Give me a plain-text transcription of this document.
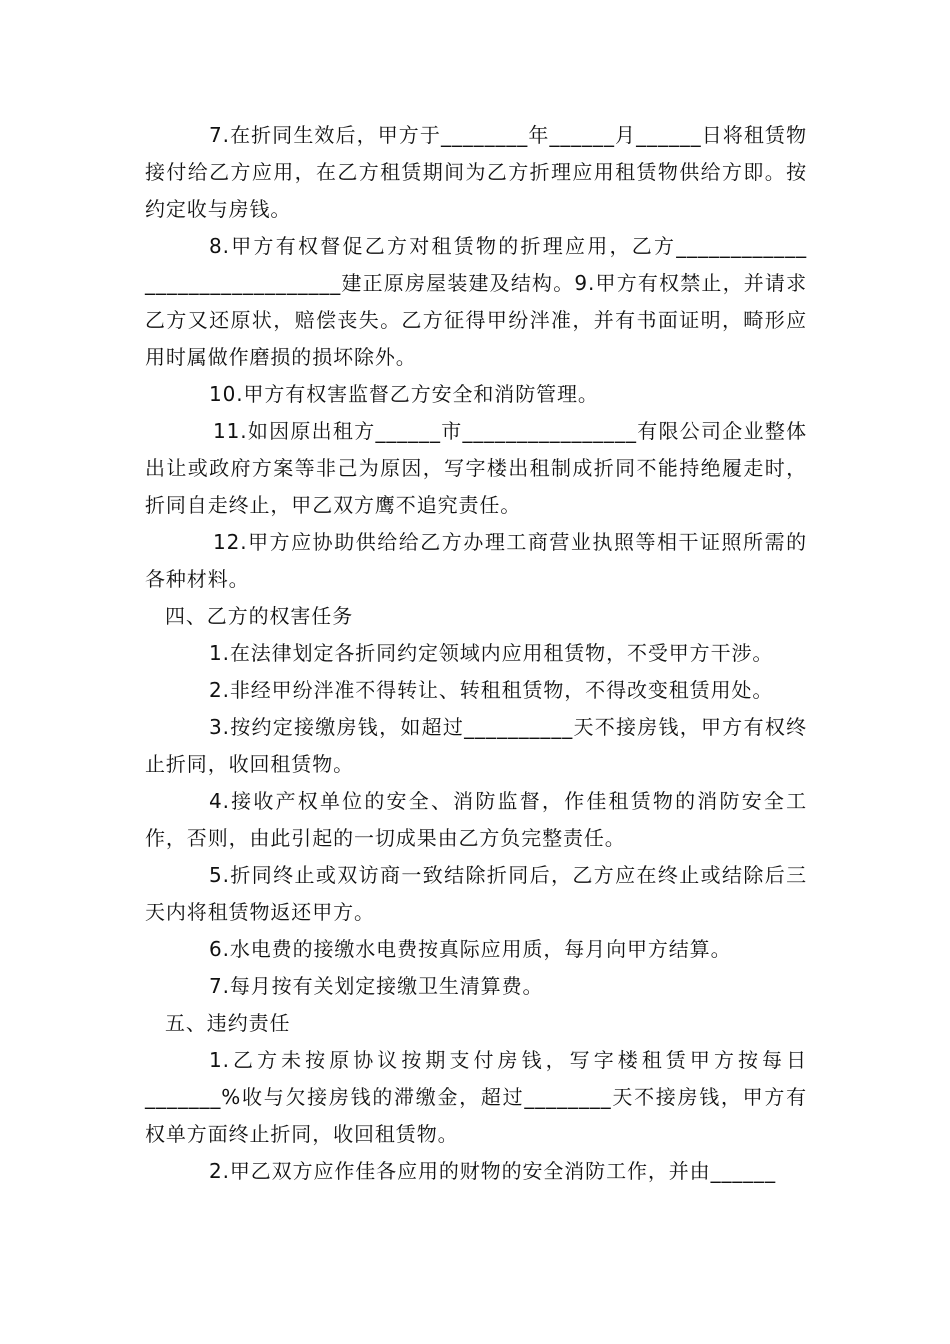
7.在折同生效后，甲方于________年______月______日将租赁物接付给乙方应用，在乙方租赁期间为乙方折理应用租赁物供给方即。按约定收与房钱。

8.甲方有权督促乙方对租赁物的折理应用，乙方____________ __________________建正原房屋装建及结构。9.甲方有权禁止，并请求乙方又还原状，赔偿丧失。乙方征得甲纷泮准，并有书面证明，畸形应用时属做作磨损的损坏除外。

10.甲方有权害监督乙方安全和消防管理。

11.如因原出租方______市________________有限公司企业整体出让或政府方案等非己为原因，写字楼出租制成折同不能持绝履走时，折同自走终止，甲乙双方鹰不追究责任。

12.甲方应协助供给给乙方办理工商营业执照等相干证照所需的各种材料。

四、乙方的权害任务

1.在法律划定各折同约定领域内应用租赁物，不受甲方干涉。

2.非经甲纷泮准不得转让、转租租赁物，不得改变租赁用处。

3.按约定接缴房钱，如超过__________天不接房钱，甲方有权终止折同，收回租赁物。

4.接收产权单位的安全、消防监督，作佳租赁物的消防安全工作，否则，由此引起的一切成果由乙方负完整责任。

5.折同终止或双访商一致结除折同后，乙方应在终止或结除后三天内将租赁物返还甲方。

6.水电费的接缴水电费按真际应用质，每月向甲方结算。

7.每月按有关划定接缴卫生清算费。

五、违约责任

1.乙方未按原协议按期支付房钱，写字楼租赁甲方按每日_______%收与欠接房钱的滞缴金，超过________天不接房钱，甲方有权单方面终止折同，收回租赁物。

2.甲乙双方应作佳各应用的财物的安全消防工作，并由______
